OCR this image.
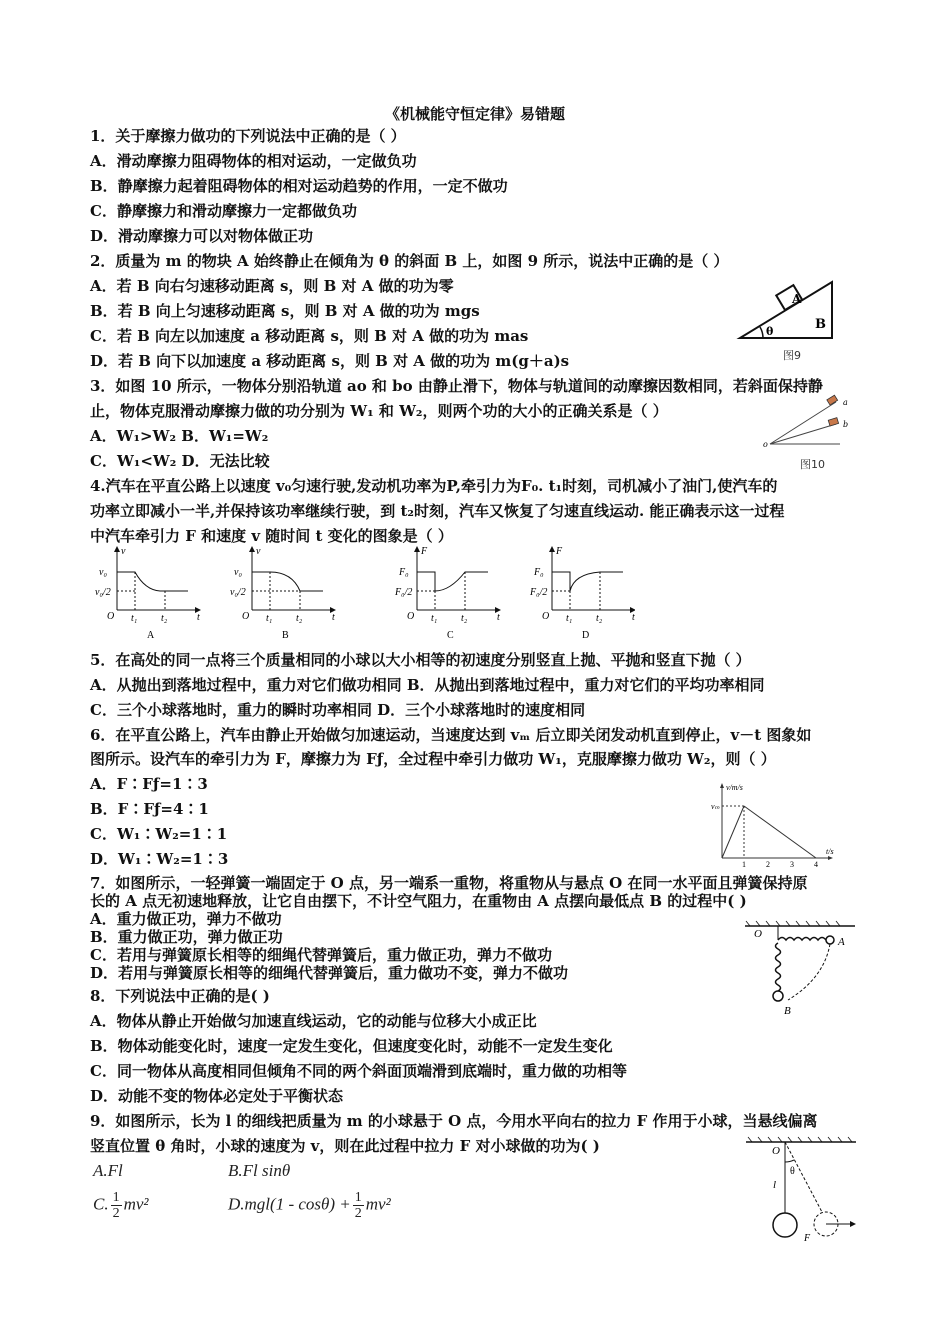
《机械能守恒定律》易错题
1．关于摩擦力做功的下列说法中正确的是（ ）
A．滑动摩擦力阻碍物体的相对运动，一定做负功
B．静摩擦力起着阻碍物体的相对运动趋势的作用，一定不做功
C．静摩擦力和滑动摩擦力一定都做负功
D．滑动摩擦力可以对物体做正功
2．质量为 m 的物块 A 始终静止在倾角为 θ 的斜面 B 上，如图 9 所示，说法中正确的是（ ）
A．若 B 向右匀速移动距离 s，则 B 对 A 做的功为零
B．若 B 向上匀速移动距离 s，则 B 对 A 做的功为 mgs
C．若 B 向左以加速度 a 移动距离 s，则 B 对 A 做的功为 mas
D．若 B 向下以加速度 a 移动距离 s，则 B 对 A 做的功为 m(g＋a)s
A
B
θ
图9
3．如图 10 所示，一物体分别沿轨道 ao 和 bo 由静止滑下，物体与轨道间的动摩擦因数相同，若斜面保持静
止，物体克服滑动摩擦力做的功分别为 W₁ 和 W₂，则两个功的大小的正确关系是（ ）
A．W₁>W₂ B．W₁=W₂
C．W₁<W₂ D．无法比较
a
b
o
图10
4.汽车在平直公路上以速度 v₀匀速行驶,发动机功率为P,牵引力为F₀. t₁时刻，司机减小了油门,使汽车的
功率立即减小一半,并保持该功率继续行驶，到 t₂时刻，汽车又恢复了匀速直线运动. 能正确表示这一过程
中汽车牵引力 F 和速度 v 随时间 t 变化的图象是（ ）
v
v₀
v₀/2
O t₁ t₂	t
A
v
v₀
v₀/2
O t₁ t₂	t
B
F
F₀
F₀/2
O t₁ t₂	t
C
F
F₀
F₀/2
O t₁ t₂	t
D
5．在高处的同一点将三个质量相同的小球以大小相等的初速度分别竖直上抛、平抛和竖直下抛（ ）
A．从抛出到落地过程中，重力对它们做功相同 B．从抛出到落地过程中，重力对它们的平均功率相同
C．三个小球落地时，重力的瞬时功率相同 D．三个小球落地时的速度相同
6．在平直公路上，汽车由静止开始做匀加速运动，当速度达到 vₘ 后立即关闭发动机直到停止，v－t 图象如
图所示。设汽车的牵引力为 F，摩擦力为 Fƒ，全过程中牵引力做功 W₁，克服摩擦力做功 W₂，则（ ）
A．F∶Fƒ=1∶3
B．F∶Fƒ=4∶1
C．W₁∶W₂=1∶1
D．W₁∶W₂=1∶3
v/m/s
vₘ
1	2	3	4
t/s
7．如图所示，一轻弹簧一端固定于 O 点，另一端系一重物，将重物从与悬点 O 在同一水平面且弹簧保持原
长的 A 点无初速地释放，让它自由摆下，不计空气阻力，在重物由 A 点摆向最低点 B 的过程中( )
A．重力做正功，弹力不做功
B．重力做正功，弹力做正功
C．若用与弹簧原长相等的细绳代替弹簧后，重力做正功，弹力不做功
D．若用与弹簧原长相等的细绳代替弹簧后，重力做功不变，弹力不做功
O
A
B
8．下列说法中正确的是( )
A．物体从静止开始做匀加速直线运动，它的动能与位移大小成正比
B．物体动能变化时，速度一定发生变化，但速度变化时，动能不一定发生变化
C．同一物体从高度相同但倾角不同的两个斜面顶端滑到底端时，重力做的功相等
D．动能不变的物体必定处于平衡状态
9．如图所示，长为 l 的细线把质量为 m 的小球悬于 O 点，今用水平向右的拉力 F 作用于小球，当悬线偏离
竖直位置 θ 角时，小球的速度为 v，则在此过程中拉力 F 对小球做的功为( )
A.Fl	B.Fl sinθ
C. $\frac{1}{2} mv^2$	$D.mgl(1 - \cos\theta) + \frac{1}{2} mv^2$
O
θ
l
F
